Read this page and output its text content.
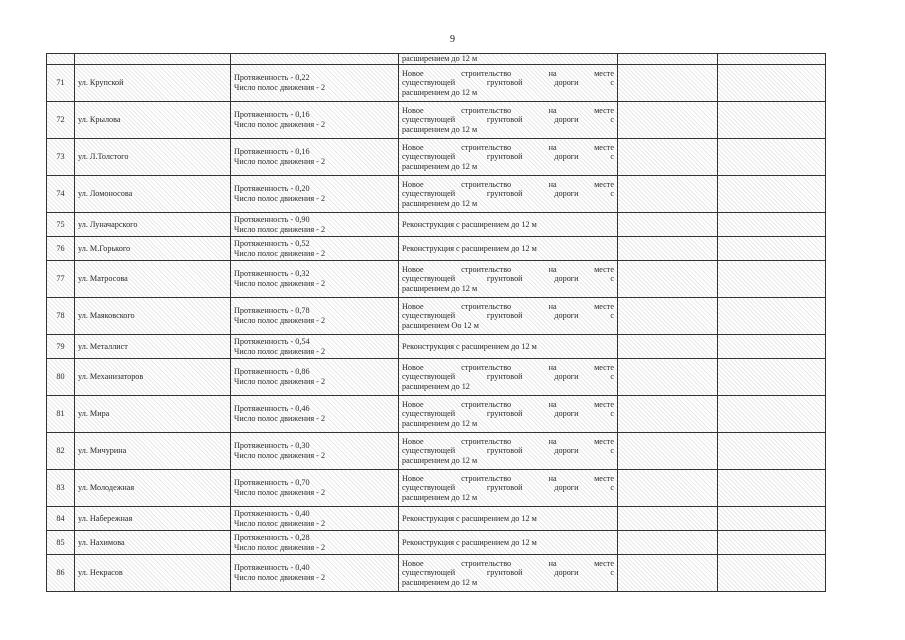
9

			расширением до 12 м		

71	ул. Крупской	Протяженность - 0,22
Число полос движения - 2	Новое строительство на месте
существующей грунтовой дороги с
расширением до 12 м		

72	ул. Крылова	Протяженность - 0,16
Число полос движения - 2	Новое строительство на месте
существующей грунтовой дороги с
расширением до 12 м		

73	ул. Л.Толстого	Протяженность - 0,16
Число полос движения - 2	Новое строительство на месте
существующей грунтовой дороги с
расширением до 12 м		

74	ул. Ломоносова	Протяженность - 0,20
Число полос движения - 2	Новое строительство на месте
существующей грунтовой дороги с
расширением до 12 м		

75	ул. Луначарского	Протяженность - 0,90
Число полос движения - 2	Реконструкция с расширением до 12 м		

76	ул. М.Горького	Протяженность - 0,52
Число полос движения - 2	Реконструкция с расширением до 12 м		

77	ул. Матросова	Протяженность - 0,32
Число полос движения - 2	Новое строительство на месте
существующей грунтовой дороги с
расширением до 12 м		

78	ул. Маяковского	Протяженность - 0,78
Число полос движения - 2	Новое строительство на месте
существующей грунтовой дороги с
расширением Оо 12 м		

79	ул. Металлист	Протяженность - 0,54
Число полос движения - 2	Реконструкция с расширением до 12 м		

80	ул. Механизаторов	Протяженность - 0,86
Число полос движения - 2	Новое строительство на месте
существующей грунтовой дороги с
расширением до 12		

81	ул. Мира	Протяженность - 0,46
Число полос движения - 2	Новое строительство на месте
существующей грунтовой дороги с
расширением до 12 м		

82	ул. Мичурина	Протяженность - 0,30
Число полос движения - 2	Новое строительство на месте
существующей грунтовой дороги с
расширением до 12 м		

83	ул. Молодежная	Протяженность - 0,70
Число полос движения - 2	Новое строительство на месте
существующей грунтовой дороги с
расширением до 12 м		

84	ул. Набережная	Протяженность - 0,40
Число полос движения - 2	Реконструкция с расширением до 12 м		

85	ул. Нахимова	Протяженность - 0,28
Число полос движения - 2	Реконструкция с расширением до 12 м		

86	ул. Некрасов	Протяженность - 0,40
Число полос движения - 2	Новое строительство на месте
существующей грунтовой дороги с
расширением до 12 м		
